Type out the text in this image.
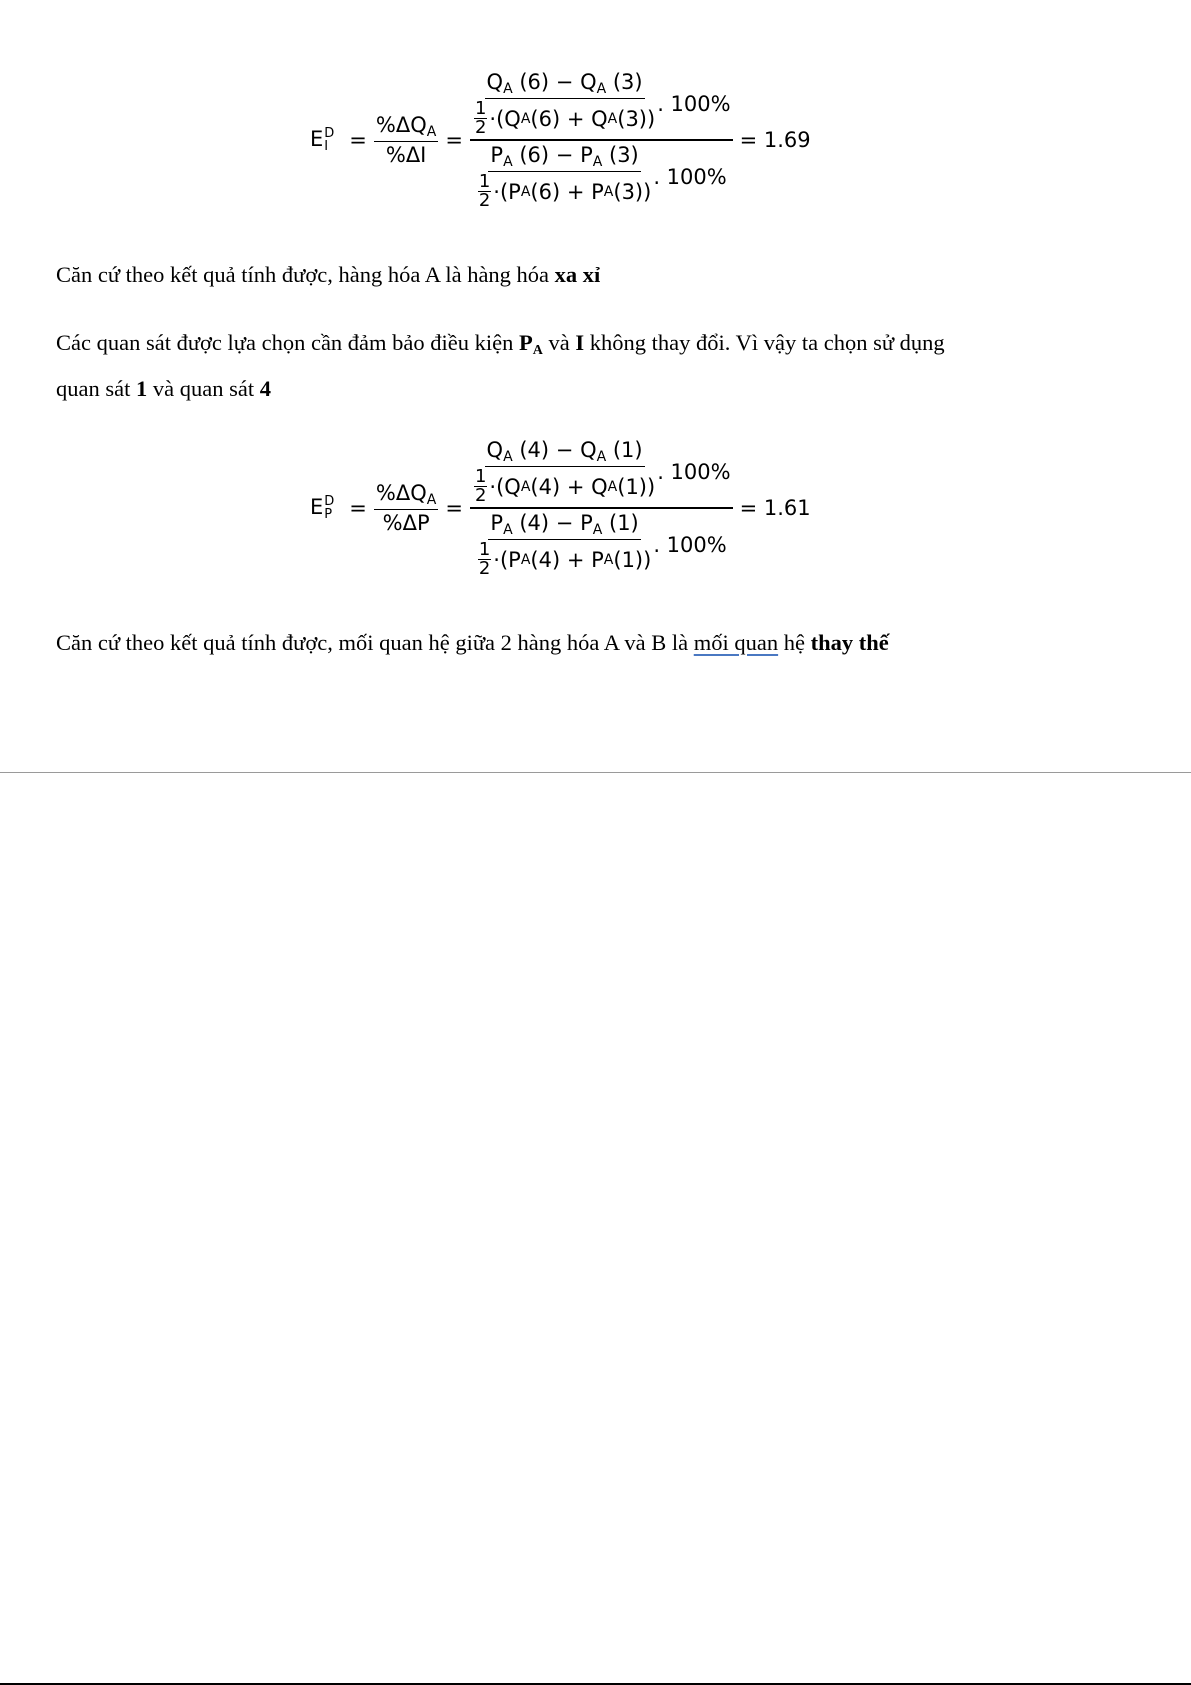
E D
$I = \frac{\%\Delta Q_A}{\%\Delta I}$ =
$Q_A$ $(6) - Q_A$ (3)
1
2 · (Q A (6)
+
Q A (3)) . 100%
$P_A$ $(6) - P_A$ (3)
1
2 · (P A (6)
+
P A (3)) . 100%
= 1.69
Căn cứ theo kết quả tính được, hàng hóa A là hàng hóa xa xỉ
Các quan sát được lựa chọn cần đảm bảo điều kiện PA và I không thay đổi. Vì vậy ta chọn sử dụng
quan sát 1 và quan sát 4
E D
$P = \frac{\%\Delta Q_A}{\%\Delta P}$ =
$Q_A$ $(4) - Q_A$ (1)
1
2 · (Q A (4)
+
Q A (1)) . 100%
$P_A$ $(4) - P_A$ (1)
1
2 · (P A (4)
+
P A (1)) . 100%
= 1.61
Căn cứ theo kết quả tính được, mối quan hệ giữa 2 hàng hóa A và B là mối quan hệ thay thế
